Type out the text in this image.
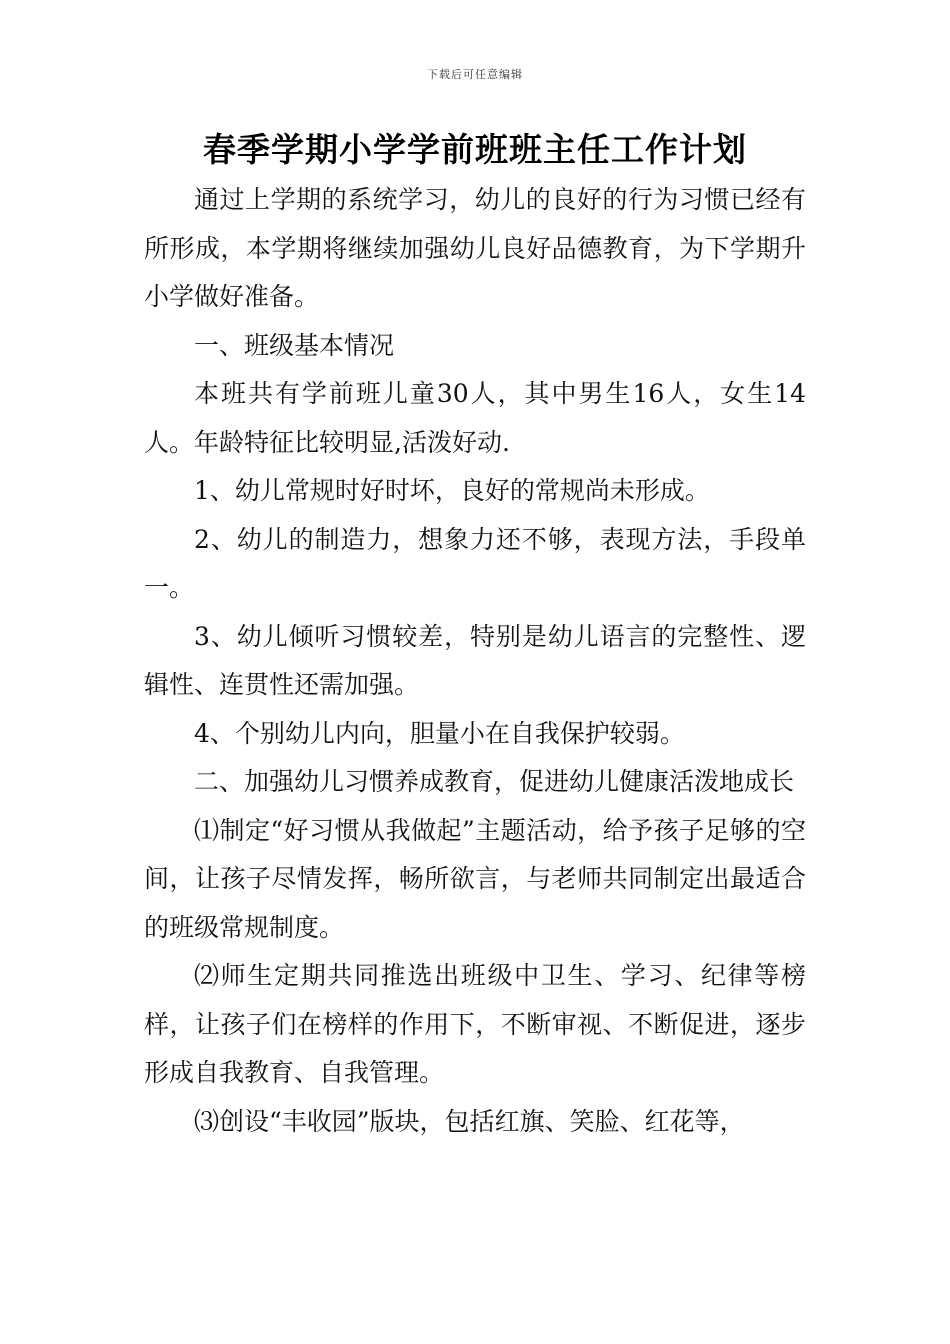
下载后可任意编辑
春季学期小学学前班班主任工作计划

通过上学期的系统学习，幼儿的良好的行为习惯已经有所形成，本学期将继续加强幼儿良好品德教育，为下学期升小学做好准备。

一、班级基本情况

本班共有学前班儿童30人，其中男生16人，女生14人。年龄特征比较明显,活泼好动.

1、幼儿常规时好时坏，良好的常规尚未形成。

2、幼儿的制造力，想象力还不够，表现方法，手段单一。

3、幼儿倾听习惯较差，特别是幼儿语言的完整性、逻辑性、连贯性还需加强。

4、个别幼儿内向，胆量小在自我保护较弱。

二、加强幼儿习惯养成教育，促进幼儿健康活泼地成长

⑴制定“好习惯从我做起”主题活动，给予孩子足够的空间，让孩子尽情发挥，畅所欲言，与老师共同制定出最适合的班级常规制度。

⑵师生定期共同推选出班级中卫生、学习、纪律等榜样，让孩子们在榜样的作用下，不断审视、不断促进，逐步形成自我教育、自我管理。

⑶创设“丰收园”版块，包括红旗、笑脸、红花等，
